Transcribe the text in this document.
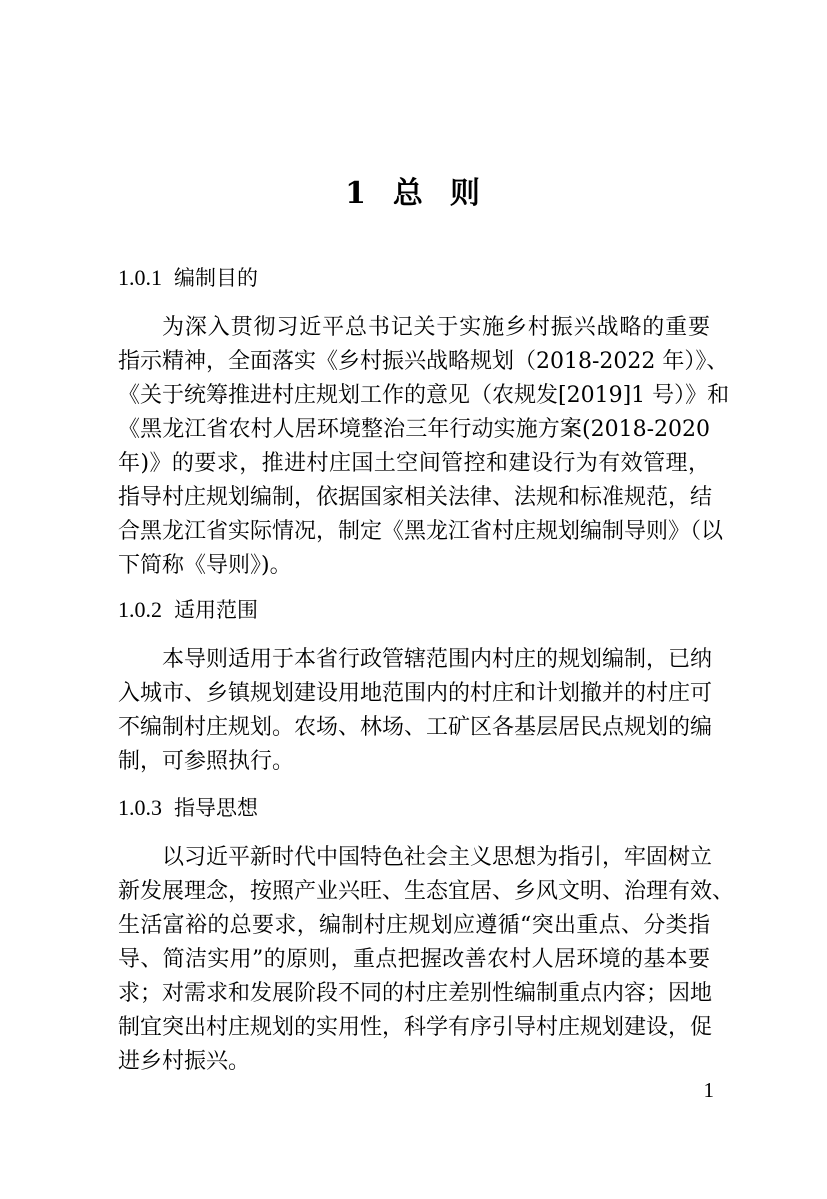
1  总  则
1.0.1 编制目的
为深入贯彻习近平总书记关于实施乡村振兴战略的重要
指示精神，全面落实《乡村振兴战略规划（2018-2022 年）》、
《关于统筹推进村庄规划工作的意见（农规发[2019]1 号）》和
《黑龙江省农村人居环境整治三年行动实施方案(2018-2020
年)》的要求，推进村庄国土空间管控和建设行为有效管理，
指导村庄规划编制，依据国家相关法律、法规和标准规范，结
合黑龙江省实际情况，制定《黑龙江省村庄规划编制导则》（以
下简称《导则》)。
1.0.2 适用范围
本导则适用于本省行政管辖范围内村庄的规划编制，已纳
入城市、乡镇规划建设用地范围内的村庄和计划撤并的村庄可
不编制村庄规划。农场、林场、工矿区各基层居民点规划的编
制，可参照执行。
1.0.3 指导思想
以习近平新时代中国特色社会主义思想为指引，牢固树立
新发展理念，按照产业兴旺、生态宜居、乡风文明、治理有效、
生活富裕的总要求，编制村庄规划应遵循“突出重点、分类指
导、简洁实用”的原则，重点把握改善农村人居环境的基本要
求；对需求和发展阶段不同的村庄差别性编制重点内容；因地
制宜突出村庄规划的实用性，科学有序引导村庄规划建设，促
进乡村振兴。
1
